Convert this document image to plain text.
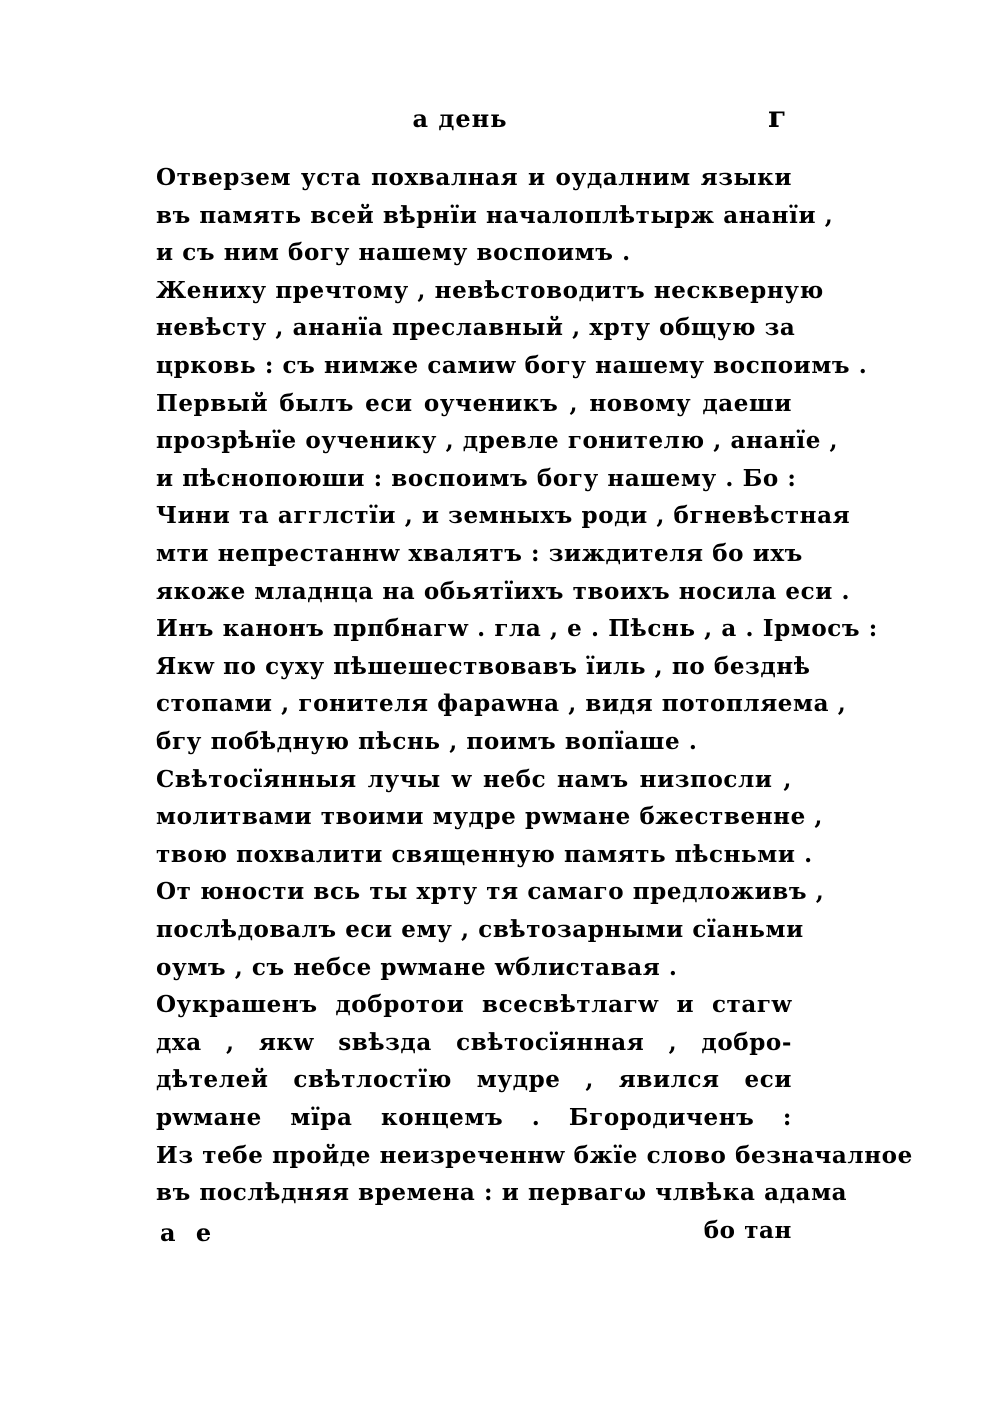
а день	г
Отверзем уста похвалная и оудалним языки
въ память всей вѣрнїи началоплѣтырж ананїи ,
и съ ним богу нашему воспоимъ .
Жениху пречтому , невѣстоводитъ нескверную
невѣсту , ананїа преславный , хрту общую за
црковь : съ нимже самиw богу нашему воспоимъ .
Первый былъ еси оученикъ , новому даеши
прозрѣнїе оученику , древле гонителю , ананїе ,
и пѣснопоюши : воспоимъ богу нашему . Бо :
Чини та агглстїи , и земныхъ роди , бгневѣстная
мти непрестаннw хвалятъ : зиждителя бо ихъ
якоже младнца на обьятїихъ твоихъ носила еси .
Инъ канонъ прпбнагw . гла , е . Пѣснь , а . Ірмосъ :
Якw по суху пѣшешествовавъ їиль , по безднѣ
стопами , гонителя фараwна , видя потопляема ,
бгу побѣдную пѣснь , поимъ вопїаше .
Свѣтосїянныя лучы w небс намъ низпосли ,
молитвами твоими мудре рwмане бжественне ,
твою похвалити священную память пѣсньми .
От юности всь ты хрту тя самаго предложивъ ,
послѣдовалъ еси ему , свѣтозарными сїаньми
оумъ , съ небсе рwмане wблиставая .
Оукрашенъ добротои всесвѣтлагw и стагw
дха , якw ѕвѣзда свѣтосїянная , добро-
дѣтелей свѣтлостїю мудре , явился еси
рwмане мїра концемъ . Бгородиченъ :
Из тебе пройде неизреченнw бжїе слово безначалное
въ послѣдняя времена : и первагω члвѣка адама
бо тан
а е
